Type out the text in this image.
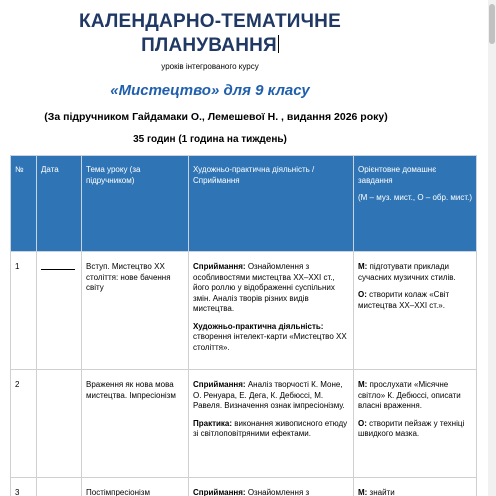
КАЛЕНДАРНО-ТЕМАТИЧНЕ
ПЛАНУВАННЯ
уроків інтегрованого курсу
«Мистецтво» для 9 класу
(За підручником Гайдамаки О., Лемешевої Н. , видання 2026 року)
35 годин (1 година на тиждень)
№	Дата	Тема уроку (за підручником)	Художньо-практична діяльність / Сприймання	Орієнтовне домашнє завдання
(М – муз. мист., О – обр. мист.)

1		Вступ. Мистецтво XX століття: нове бачення світу	Сприймання: Ознайомлення з особливостями мистецтва XX–XXI ст., його роллю у відображенні суспільних змін. Аналіз творів різних видів мистецтва.
Художньо-практична діяльність: створення інтелект-карти «Мистецтво XX століття».	М: підготувати приклади сучасних музичних стилів.
О: створити колаж «Світ мистецтва XX–XXI ст.».

2		Враження як нова мова мистецтва. Імпресіонізм	Сприймання: Аналіз творчості К. Моне, О. Ренуара, Е. Дега, К. Дебюссі, М. Равеля. Визначення ознак імпресіонізму.
Практика: виконання живописного етюду зі світлоповітряними ефектами.	М: прослухати «Місячне світло» К. Дебюссі, описати власні враження.
О: створити пейзаж у техніці швидкого мазка.

3		Постімпресіонізм	Сприймання: Ознайомлення з	М: знайти
